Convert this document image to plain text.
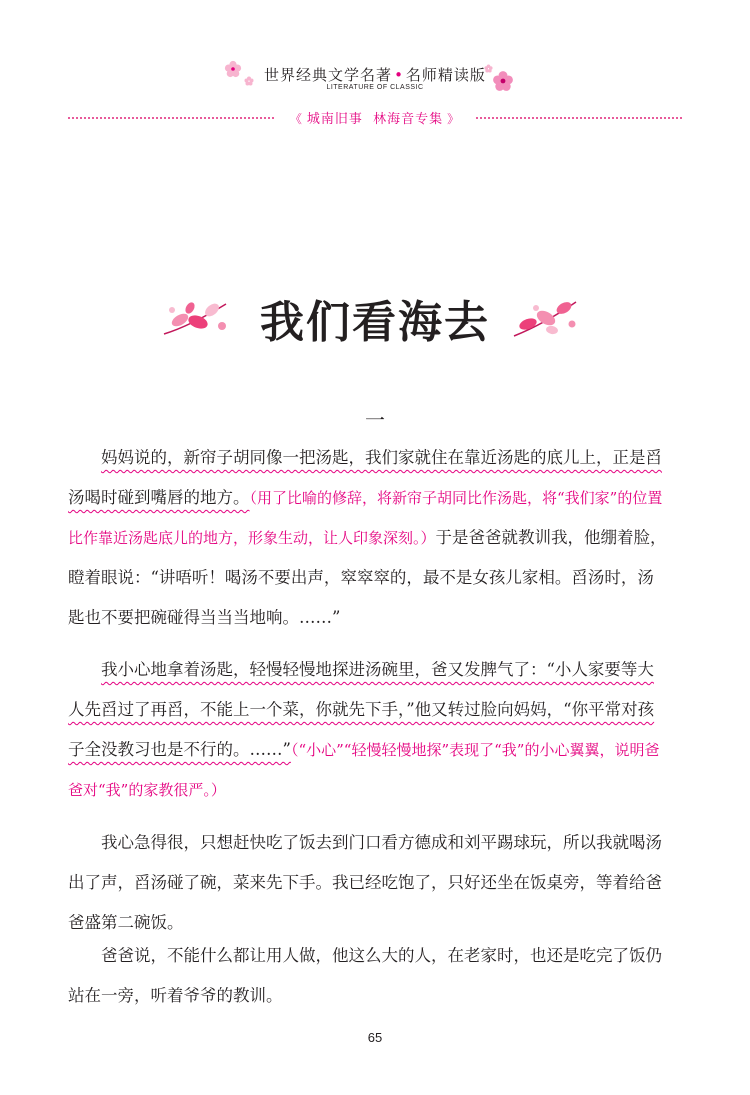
世界经典文学名著 • 名师精读版
LITERATURE OF CLASSIC
《 城南旧事 林海音专集 》
我们看海去
一

妈妈说的，新帘子胡同像一把汤匙，我们家就住在靠近汤匙的底儿上，正是舀汤喝时碰到嘴唇的地方。（用了比喻的修辞，将新帘子胡同比作汤匙，将“我们家”的位置比作靠近汤匙底儿的地方，形象生动，让人印象深刻。）于是爸爸就教训我，他绷着脸，瞪着眼说：“讲唔听！喝汤不要出声，窣窣窣的，最不是女孩儿家相。舀汤时，汤匙也不要把碗碰得当当当地响。……”

我小心地拿着汤匙，轻慢轻慢地探进汤碗里，爸又发脾气了：“小人家要等大人先舀过了再舀，不能上一个菜，你就先下手，”他又转过脸向妈妈，“你平常对孩子全没教习也是不行的。……”（“小心”“轻慢轻慢地探”表现了“我”的小心翼翼，说明爸爸对“我”的家教很严。）

我心急得很，只想赶快吃了饭去到门口看方德成和刘平踢球玩，所以我就喝汤出了声，舀汤碰了碗，菜来先下手。我已经吃饱了，只好还坐在饭桌旁，等着给爸爸盛第二碗饭。

爸爸说，不能什么都让用人做，他这么大的人，在老家时，也还是吃完了饭仍站在一旁，听着爷爷的教训。

65
